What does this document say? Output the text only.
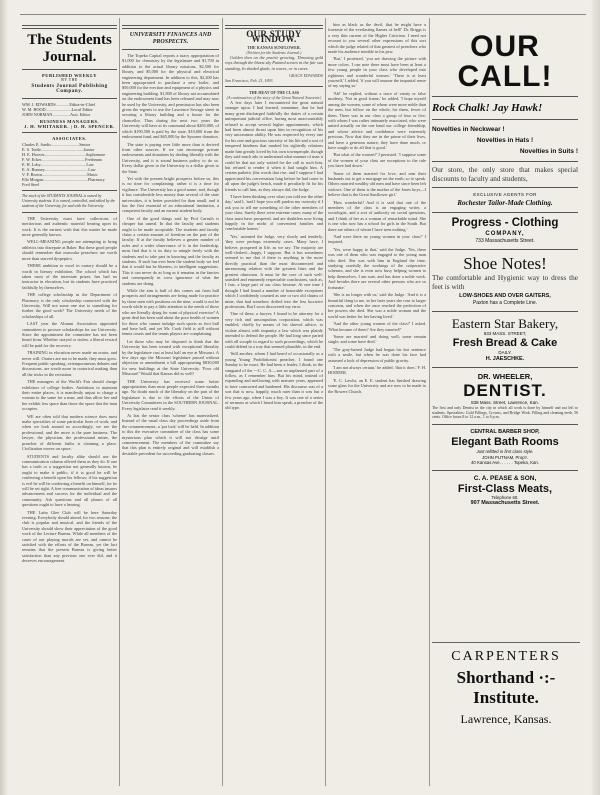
The Students Journal.
PUBLISHED WEEKLY
BY THE
Students Journal Publishing Company.
WM. J. EDWARDS.............Editor-in-Chief
W. M. HOOD.........................Local Editor
JOHN NORMAN.................Asst. Editor
BUSINESS MANAGERS.
J. H. WHITAKER. | D. H. SPENCER.
ASSOCIATES.
Charles E. Sardis...........................Senior
E. S. Tuttle.........................................Junior
H. E. Hoover........................................Sophomore
F. W. Ecker..........................................Freshman
E. H. Loby............................................Law
E. A. Bonney..........................................Law
V. F. Brown...........................................Music
Ella Morgan...........................................Pharmacy
Fred Steel
The stock of the STUDENTS JOURNAL is owned by University students. It is owned, controlled, and edited by the students of the University, for and with the University.

THE University must have collections of meritorious and authentic material bearing upon its work. It is the earnest wish that this matter be made more generally known.

WELL-MEANING people are attempting to bring athletics into disrepute at Baker. But these good people should remember that muscular preachers are worth more than starved dyspeptics.

THERE ambition to excel in oratory should be a worth in literary exhibition. The school which has taken most of the interstate prizes, has had no instructor in elocution, but its students have practiced faithfully by themselves.

THE college scholarship in the Department of Pharmacy is the only scholarship connected with the University. Will not some one rise to something for further the good work? The University needs of the scholarships of all.

LAST year the Alumni Association appointed committees to procure scholarships for our University. Since the appointment the committee has not been heard from. Whether strayed or stolen, a liberal reward will be paid for the recovery.

TRAINING in elocution never made an orator, and never will. Orators are not to be made, they must grow. Frequent public speaking, extemporaneous debates and discussions, are worth more in oratorical making than all the tricks in the recitation.

THE managers of the World's Fair should charge exhibitors of college bodies. Ambitious to maintain their entire places, it is manifestly unjust to charge a woman to the same for a man, and thus allow her and her exhibit less space than those the space that the man occupies.

WE are often told that modern science does most make specialties of some particular lines of work; and when we look around us accordingly, we see the professional, and the more is the pure business. The lawyer, the physician, the professional miner, the preacher of different faiths is claiming a place. Civilization moves on space.

STUDENTS and faculty alike should use the communication column offered them as they do. If one has a truth or a suggestion not generally known, he ought to make it public; if it is good he will be conferring a benefit upon his fellows; if his suggestion is evil he will be conferring a benefit on himself, for he will be set right. A free communication of ideas insures advancement and success for the individual and the community. Ask questions and all phases of all questions ought to have a hearing.

THE Latin Glee Club will be here Saturday evening. Everybody should attend, for two reasons: the club is popular and musical, and the friends of the University should show their appreciation of the good work of the Lecture Bureau. While all members of the cases of our playing morals are set, and cannot be satisfied with the efforts of the Bureau, yet the fact remains that the present Bureau is giving better satisfaction than any previous one ever did, and it deserves encouragement.

UNIVERSITY FINANCES AND PROSPECTS.

The Topeka Capital reports a tuacy appropriation of $1,000 for chemistry by the legislature and $1,700 in addition to the actual library missions, $2,500 for library, and $5,000 for the physical and electrical engineering department. In addition to this, $2,200 has been appropriated to purchase a new boiler, and $50,000 for the erection and equipment of a physics and engineering building. $1,800 of library not accumulated on the endowment fund has been released and may now be used by the University, and permission has also been given the regents to use the Lawrence Sewage street in securing a library building and a house for the chancellor. Thus during the next two years the University will have at its command about $265,000, of which $190,500 is paid by the state, $10,000 from the endowment fund, and $65,000 by the Spooner donation.

The state is paying over little more than is derived from other sources. If we can encourage private endowments and donations by dealing liberally with the University, and it is sound business policy to do so. Every dollar given to the University is a dollar given to the State.

Yet with the present bright prospects before us, this is no time for complaining; rather it is a time for vigilance. The University has a good name; and, though it has considerable less money than several of the state universities, it is better provided for than small, and it has the first essential of an educational institution, a competent faculty and an earnest student body.

One of the good things said by Prof Carruth is cheaper but unreal. In that the faculty and students ought to be made acceptable. The students and faculty claim a certain amount of freedom on the part of the faculty. If at the faculty believes a greater number of rules and a wider observance of it in the leadership, most find that it is its duty to mingle freely with the students and to take part in knowing and the faculty as students. If such has ever been the student body we feel that it would but be likeness, to intelligent suggestions. This it can never do as long as it remains in the fancies and consequently in cross ignorance of what the students are doing.

While the aim is half of this comes out from ball prospects and arrangements are being made for practice by those men with positions on the nine, would is not be worth while to pay a little attention to the needs of those who are literally dying for want of physical exercise? A great deal has been said about the poor health of women for those who cannot indulge such sports as foot ball and base ball, and yet Mr. Cook field is still without tennis courts and the tennis players are complaining.

Let those who may be disposed to think that the University has been treated with exceptional liberality by the legislature cast at least half an eye at Missouri. A few days ago the Missouri legislature passed without objection or amendment a bill appropriating $830,000 for new buildings at the State University. 'Poor old Missouri!' Would that Kansas did as well!

THE University has received some better appropriations than most people expected three months ago. No doubt much of the liberality on the part of the legislature is due to the efforts of the Union of University Committees in the SOUTHERN JOURNAL. Every legislator read it weekly.

At last the senior class 'scheme' has materialized. Instead of the usual class day proceedings aside from the commencement, a 'pot luck' will be held. In addition to this the executive committee of the class has some mysterious plan which it will not divulge until commencement. The members of the committee say that this plan is entirely original and will establish a desirable precedent for succeeding graduating classes.

OUR STUDY WINDOW.
THE KANSAS SUNFLOWER.
(Written for the Students Journal.)

Golden then on the prairie growing, Throwing gold rays through the bluest sky Painted scenes in the fair sun standing, In shaded glade, in waves, or in caves.

GRACE EDWARDS
San Francisco, Feb. 21, 1893.
THE HEAT OF THE CLASS
(A continuation of the story of the Great Natural Souvenir.)

A few days later I encountered the great natural stranger upon. I had learned, meantime, that he had many great discharged faithfully the duties of a certain unimportant judicial office, having most unaccountably refused to accept several higher appointments, which had been almost thrust upon him in recognition of his very uncommon ability. He was respected by every one for his rare and gracious sincerity of his life and a sort of tempered kindness that marked his sightedly relations made him greatly loved by his own townspeople, though they said much ado to understand what manner of man it could be that not only waited for the call to such him, but refused to render it when it had sought him. A certain pathetic (the words that rise, and I suppose I had appreciated his conversation long before he had come to all upon the judge's bench, made it peculiarly fit for his friends to call him, as they always did, the Judge.

'I have been thinking over what you told me the other day,' said I, 'and I hope you will pardon my curiosity if I ask you to tell me something of the other members of your class. Surely there were extreme cases; many of the class must have prospered, and are doubtless now living happily in the midst of convenient families and comfortable homes.'

'Yes,' assented the Judge, very slowly and tenderly, 'they were perhaps extremely cases. Many have, I believe, prospered in life, as we say. The majority are well-clothed—happy, I suppose. But it has sometimes seemed to me that if there is anything in the more directly practical than the most disconnected and unreasoning relation with the greatest lines and the greatest obsession. It must be the core of such well-satisfied and eminently respectable conclusions, such as, I fear, a large part of our class became. At one time I thought I had found a number of honorable exceptions which I confidently counted as one or two old chums of mine, that had somehow drifted into the less lucrative professions. But I soon discovered my error.

'One of these, a lawyer, I found to be attorney for a very rich and unscrupulous corporation, which was enabled, chiefly by means of his shrewd advice, to violate almost with impunity a law which was plainly intended to defend the people. He had long since parted with all scruple in regard to such proceedings, which he could defend in a way that seemed plausible, in the end.

'Still another, whom I had heard of occasionally as a young Young Prohibitionist preacher, I found one Sunday to be exact. He had been a leader, I think, in the vanguard of the ---C. C. A.—not an unplanned part of a follow, as I remember him. But his mind, instead of expanding and mellowing with maturer years, appeared to have contracted and hardened. His discourse was of a sort that is now, happily, much rarer than it was but a few years ago, when I was a boy. It was one of a series of sermons at which I heard him speak, a preacher of the old type.

him as black as the devil, that he might have a foretaste of the everlasting flames of hell!' Dr. Briggs is a very thin current of the Higher Criticism. I need not recount to you several other expressions of this sort which the judge related of that greatest of preachers who made his audience tremble in his pew.

'But,' I protested, 'you are drawing the picture with more colors. I can note there must have been at least a few young people in your class who developed into righteous and wonderful women.' 'There is at least yourself,' I added, 'if you will assume the impartial sense of my saying so.'

'Ah!' he replied, without a trace of vanity or false modesty, 'Not in good frame,' he added, 'I hope myself among the women, some of whom were more noble than the men, but follow on the whole, for them, fewer of them. There was in our class a group of four or five, with whom I was rather intimately associated, who were united actually on the one hand our college friendship, and whose advice and confidence were extremely precious. Now that they are in the prime of their lives, and have a generous nature, they have done much, or have sought to do all that is good.'

'But what of the women?' I persisted. 'I suppose some of the women of your class are exceptions to the rule you have laid down.'

'Some of them married for love, and sent their husbands out to get a mortgage on the earth, so to speak. Others married wealthy old men and have since been left widows. One of them is the mother of the Jones boys—I believe that is the Great Sunflower girl.'

'How wonderful! And it is said that one of the members of the class is an engaging writer, a sociologist, and a sort of authority on social questions, and I think of her as a woman of remarkable mind. She is one who now has a school for girls in the South. But there are others of whom I have seen nothing.'

'And were there no young women in your class?' I inquired.

'Yes, were happy to that,' said the Judge. 'Yes, there was one of them who was engaged to the young man who died. She was with him in England the time, studying carefully the workings of the coöperative schemes, and she is even now busy helping women to help themselves, I am sure, and has done a noble work. And besides there are several other persons who are so fortunate.'

'She is no longer with us,' said the Judge. 'And it is a beautiful thing to me, in her later years she rose to larger concerns, and when she once reached the perfection of her powers she died. She was a noble woman and the world was better for her having lived.'

'And the other young women of the class?' I asked. 'What became of them? Are they married?'

'Some are married and doing well; some remain single; and some have died.'

'The gray-haired Judge had begun his last sentence with a smile, but when he was done his face had assumed a look of depression of public gravity.

'I am not always certain,' he added, 'that it does.' F. H. HODDER.

'E. C. Lawlis, an E. E. student has finished drawing some glass for the University and are now to be made to the Bowers Church.

OUR CALL!
Rock Chalk! Jay Hawk!
Novelties in Neckwear !
Novelties in Hats !
Novelties in Suits !
Our store, the only store that makes special discounts to faculty and students,
EXCLUSIVE AGENTS FOR
Rochester Tailor-Made Clothing.
Progress - Clothing
COMPANY,
733 Massachusetts Street.
Shoe Notes!
The comfortable and Hygienic way to dress the feet is with
LOW-SHOES AND OVER GAITERS,
Paxton has a Complete Line.
Eastern Star Bakery,
833 MASS. STREET,
Fresh Bread & Cake
DAILY.
H. JAESCHKE.
DR. WHEELER,
DENTIST.
838 Mass. Street, Lawrence, Kan.
The first and only Dentist in the city in which all work is done by himself and not left to students. Specialties: Gold Fillings, Crowns, and Bridge Work. Filling and cleaning teeth, 50 cents. Office hours 8 to 12 a.m., 1 to 6 p.m.
CENTRAL BARBER SHOP,
Elegant Bath Rooms
Just refitted in first class style.
JOHN PUTNAM, Prop'r.
40 Kansas Ave. . . . . . Topeka, Kan.
C. A. PEASE & SON,
First-Class Meats,
Telephone 60.
907 Massachusetts Street.
CARPENTERS
Shorthand ·:- Institute.
Lawrence, Kansas.
